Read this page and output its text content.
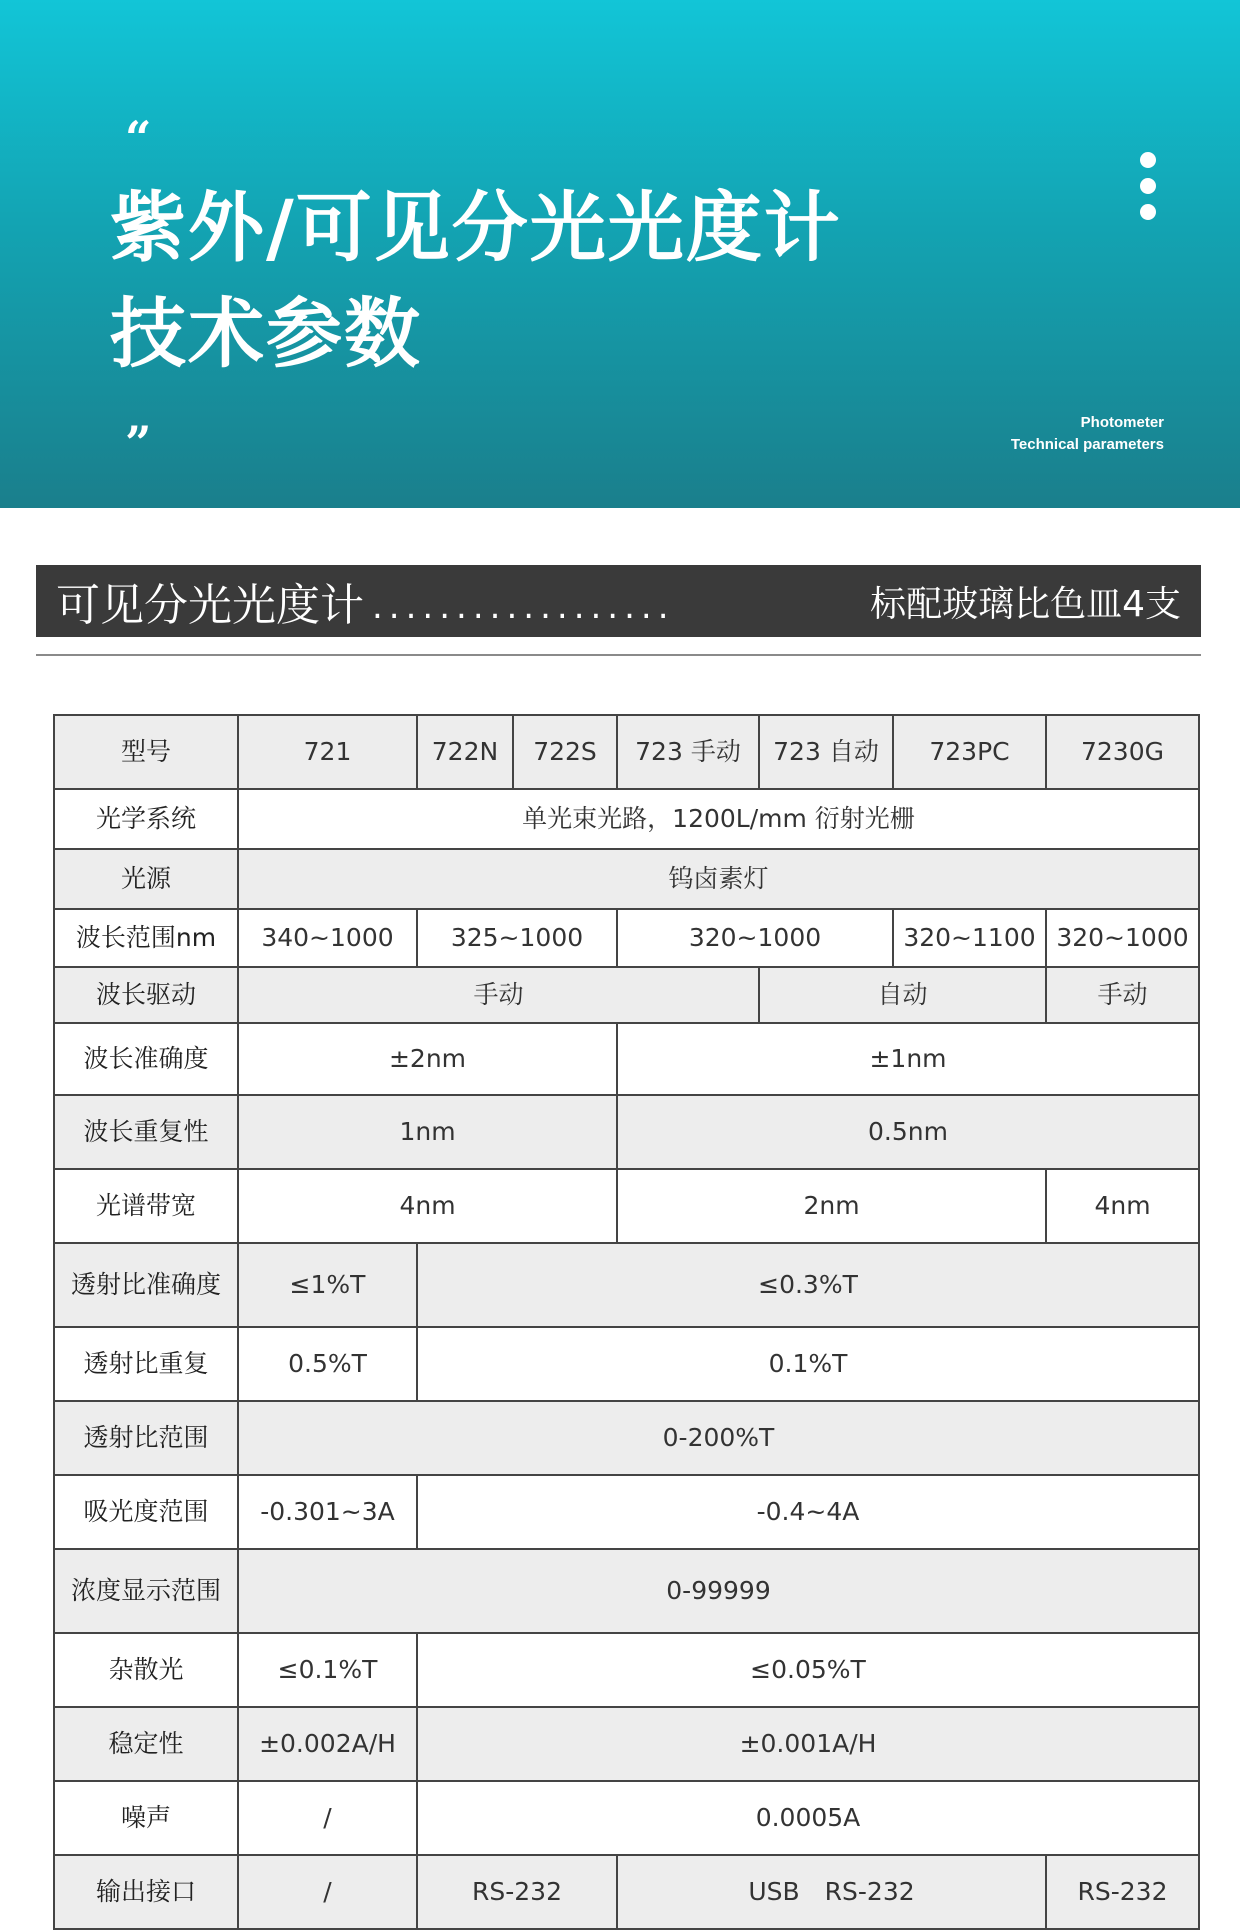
“
紫外/可见分光光度计
技术参数
”	Photometer
Technical parameters
可见分光光度计 ..................	标配玻璃比色皿4支
型号	721	722N	722S	723 手动	723 自动	723PC	7230G
光学系统	单光束光路，1200L/mm 衍射光栅						
光源	钨卤素灯						
波长范围nm	340~1000	325~1000		320~1000		320~1100	320~1000
波长驱动	手动				自动		手动
波长准确度	±2nm			±1nm			
波长重复性	1nm			0.5nm			
光谱带宽	4nm			2nm			4nm
透射比准确度	≤1%T	≤0.3%T					
透射比重复	0.5%T	0.1%T					
透射比范围	0-200%T						
吸光度范围	-0.301~3A	-0.4~4A					
浓度显示范围	0-99999						
杂散光	≤0.1%T	≤0.05%T					
稳定性	±0.002A/H	±0.001A/H					
噪声	/	0.0005A					
输出接口	/	RS-232		USB　RS-232			RS-232
